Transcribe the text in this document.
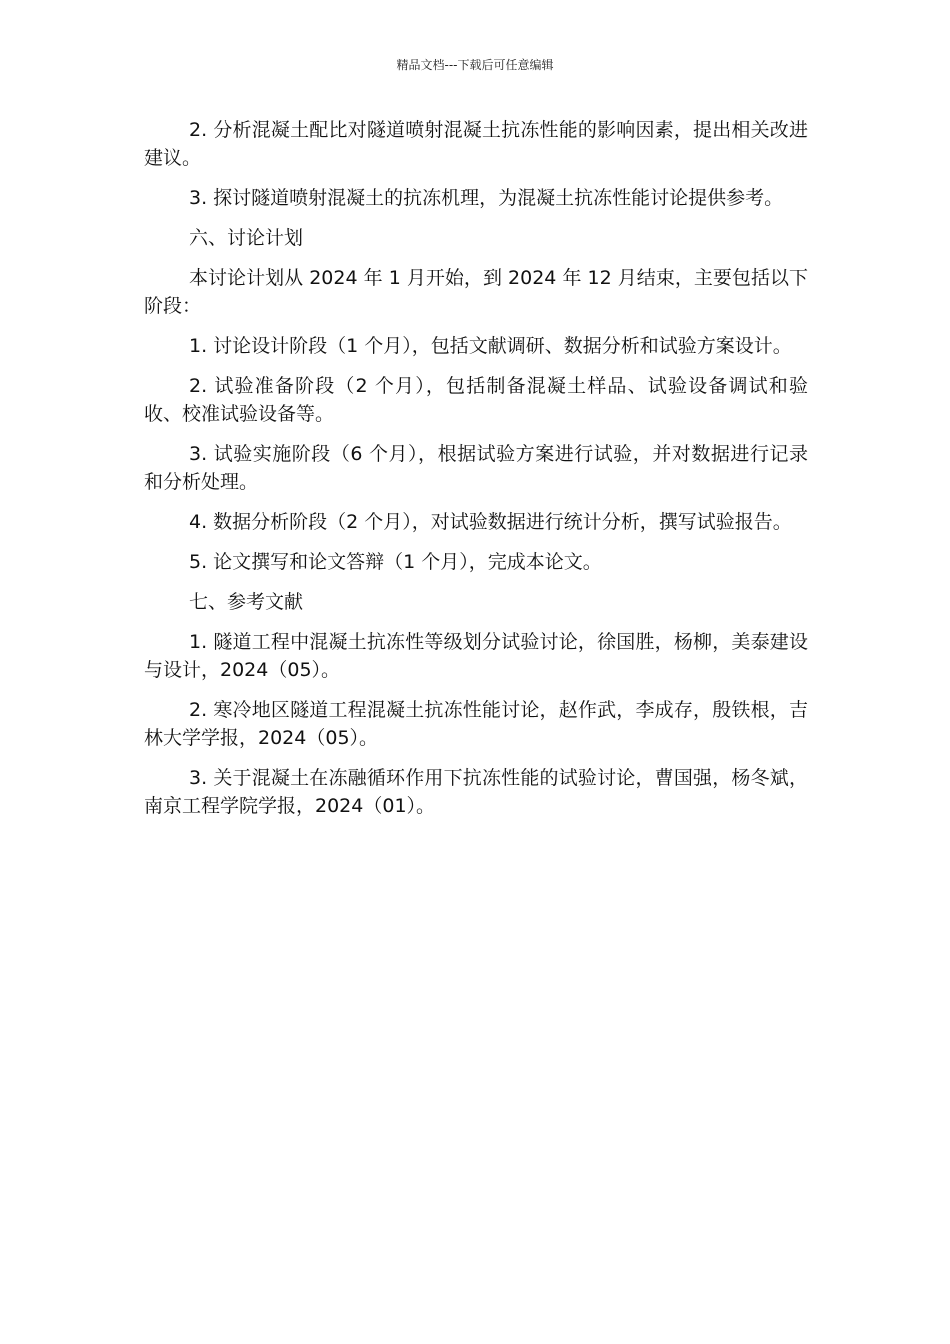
精品文档---下载后可任意编辑

2. 分析混凝土配比对隧道喷射混凝土抗冻性能的影响因素，提出相关改进建议。

3. 探讨隧道喷射混凝土的抗冻机理，为混凝土抗冻性能讨论提供参考。

六、讨论计划

本讨论计划从 2024 年 1 月开始，到 2024 年 12 月结束，主要包括以下阶段：

1. 讨论设计阶段（1 个月），包括文献调研、数据分析和试验方案设计。

2. 试验准备阶段（2 个月），包括制备混凝土样品、试验设备调试和验收、校准试验设备等。

3. 试验实施阶段（6 个月），根据试验方案进行试验，并对数据进行记录和分析处理。

4. 数据分析阶段（2 个月），对试验数据进行统计分析，撰写试验报告。

5. 论文撰写和论文答辩（1 个月），完成本论文。

七、参考文献

1. 隧道工程中混凝土抗冻性等级划分试验讨论，徐国胜，杨柳，美泰建设与设计，2024（05）。

2. 寒冷地区隧道工程混凝土抗冻性能讨论，赵作武，李成存，殷铁根，吉林大学学报，2024（05）。

3. 关于混凝土在冻融循环作用下抗冻性能的试验讨论，曹国强，杨冬斌，南京工程学院学报，2024（01）。
